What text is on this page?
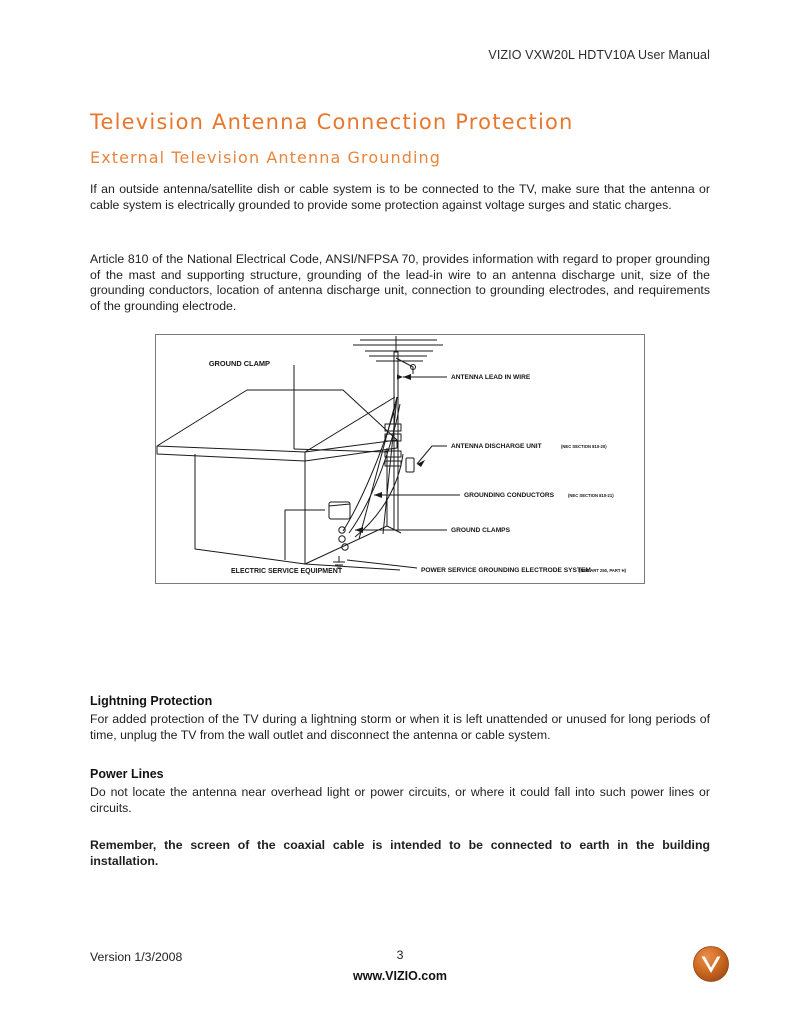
VIZIO VXW20L HDTV10A User Manual
Television Antenna Connection Protection
External Television Antenna Grounding
If an outside antenna/satellite dish or cable system is to be connected to the TV, make sure that the antenna or cable system is electrically grounded to provide some protection against voltage surges and static charges.
Article 810 of the National Electrical Code, ANSI/NFPSA 70, provides information with regard to proper grounding of the mast and supporting structure, grounding of the lead-in wire to an antenna discharge unit, size of the grounding conductors, location of antenna discharge unit, connection to grounding electrodes, and requirements of the grounding electrode.
GROUND CLAMP
ANTENNA LEAD IN WIRE
ANTENNA DISCHARGE UNIT	(NEC SECTION 810-20)
GROUNDING CONDUCTORS	(NEC SECTION 810-21)
GROUND CLAMPS
ELECTRIC SERVICE EQUIPMENT	POWER SERVICE GROUNDING ELECTRODE SYSTEM
(NEC ART 250, PART H)
Lightning Protection
For added protection of the TV during a lightning storm or when it is left unattended or unused for long periods of time, unplug the TV from the wall outlet and disconnect the antenna or cable system.
Power Lines
Do not locate the antenna near overhead light or power circuits, or where it could fall into such power lines or circuits.
Remember, the screen of the coaxial cable is intended to be connected to earth in the building installation.
Version 1/3/2008	3
www.VIZIO.com
